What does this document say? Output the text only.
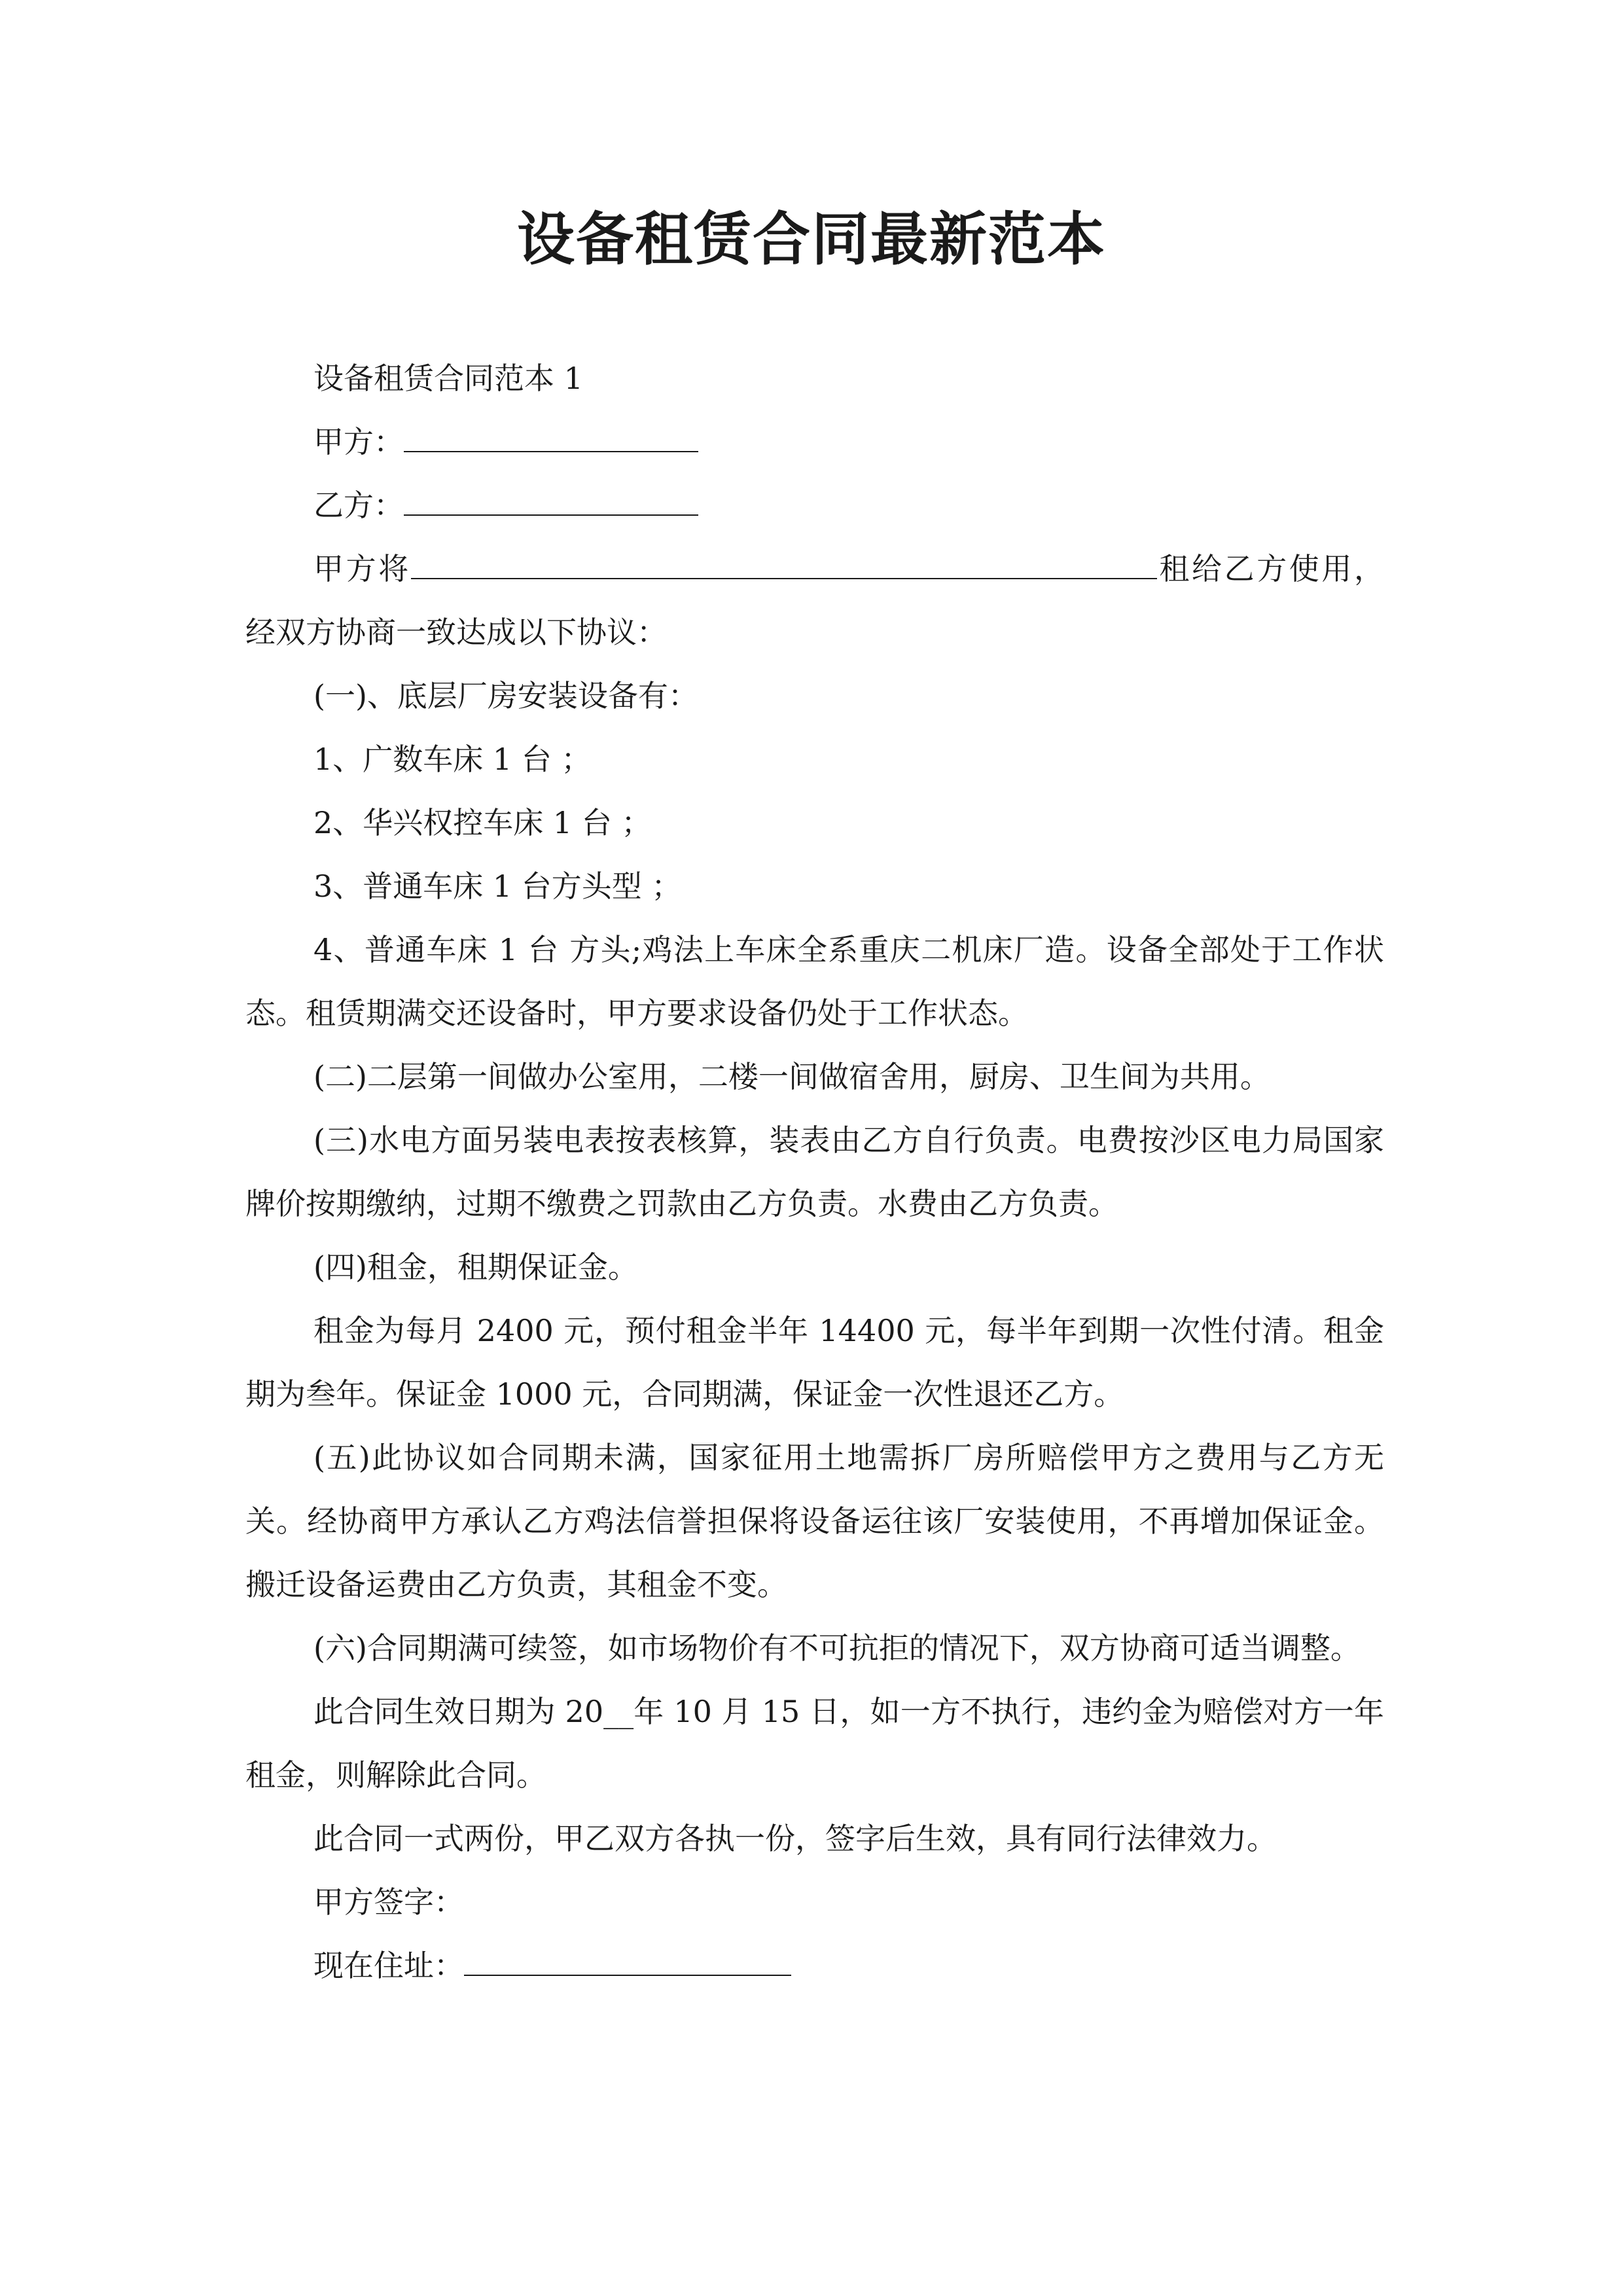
设备租赁合同最新范本

设备租赁合同范本 1

甲方：

乙方：

甲方将	租给乙方使用，经双方协商一致达成以下协议：

(一)、底层厂房安装设备有：

1、广数车床 1 台 ；

2、华兴权控车床 1 台 ；

3、普通车床 1 台方头型 ；

4、普通车床 1 台 方头;鸡法上车床全系重庆二机床厂造。设备全部处于工作状态。租赁期满交还设备时，甲方要求设备仍处于工作状态。

(二)二层第一间做办公室用，二楼一间做宿舍用，厨房、卫生间为共用。

(三)水电方面另装电表按表核算，装表由乙方自行负责。电费按沙区电力局国家牌价按期缴纳，过期不缴费之罚款由乙方负责。水费由乙方负责。

(四)租金，租期保证金。

租金为每月 2400 元，预付租金半年 14400 元，每半年到期一次性付清。租金期为叁年。保证金 1000 元，合同期满，保证金一次性退还乙方。

(五)此协议如合同期未满，国家征用土地需拆厂房所赔偿甲方之费用与乙方无关。经协商甲方承认乙方鸡法信誉担保将设备运往该厂安装使用，不再增加保证金。搬迁设备运费由乙方负责，其租金不变。

(六)合同期满可续签，如市场物价有不可抗拒的情况下，双方协商可适当调整。

此合同生效日期为 20__年 10 月 15 日，如一方不执行，违约金为赔偿对方一年租金，则解除此合同。

此合同一式两份，甲乙双方各执一份，签字后生效，具有同行法律效力。

甲方签字：

现在住址：
